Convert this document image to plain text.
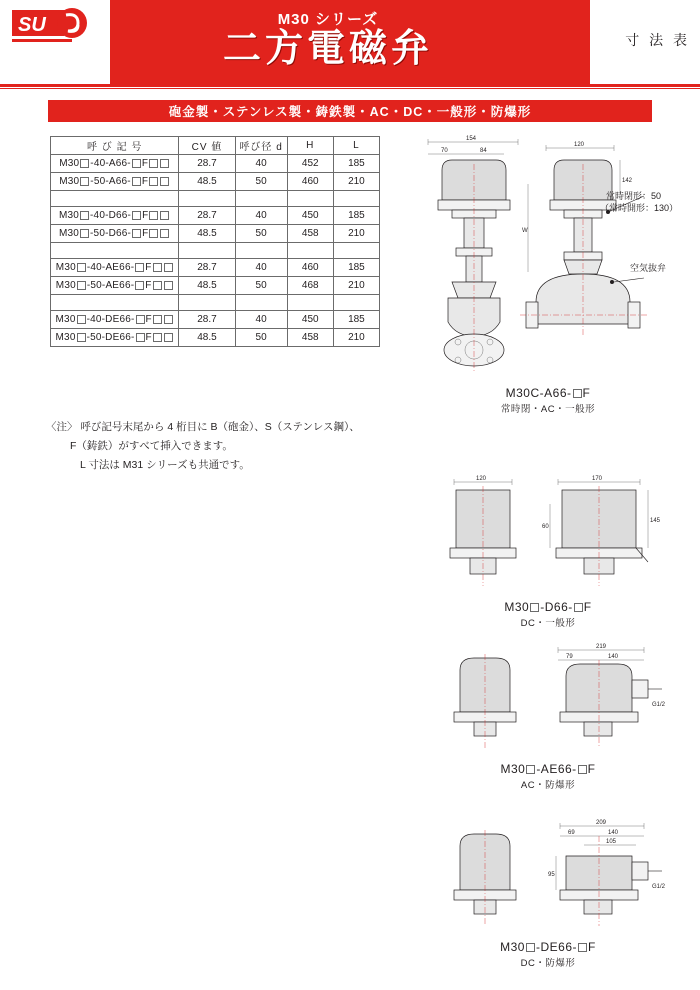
SU	M30 シリーズ
二方電磁弁	寸 法 表
砲金製・ステンレス製・鋳鉄製・AC・DC・一般形・防爆形
呼 び 記 号	CV 値	呼び径 d	H	L
M30 -40-A66- F	28.7	40	452	185
M30 -50-A66- F	48.5	50	460	210

M30 -40-D66- F	28.7	40	450	185
M30 -50-D66- F	48.5	50	458	210

M30 -40-AE66- F	28.7	40	460	185
M30 -50-AE66- F	48.5	50	468	210

M30 -40-DE66- F	28.7	40	450	185
M30 -50-DE66- F	48.5	50	458	210
〈注〉 呼び記号末尾から 4 桁目に B（砲金）、S（ステンレス鋼）、
F（鋳鉄）がすべて挿入できます。
L 寸法は M31 シリーズも共通です。
154
70	84
120
W
142
常時閉形：50
（常時開形：130）
空気抜弁
M30C-A66- F
常時閉・AC・一般形
120	170
145
60
M30 -D66- F
DC・一般形
219
79	140
G1/2
M30 -AE66- F
AC・防爆形
209
69	140
105
G1/2
95
M30 -DE66- F
DC・防爆形
